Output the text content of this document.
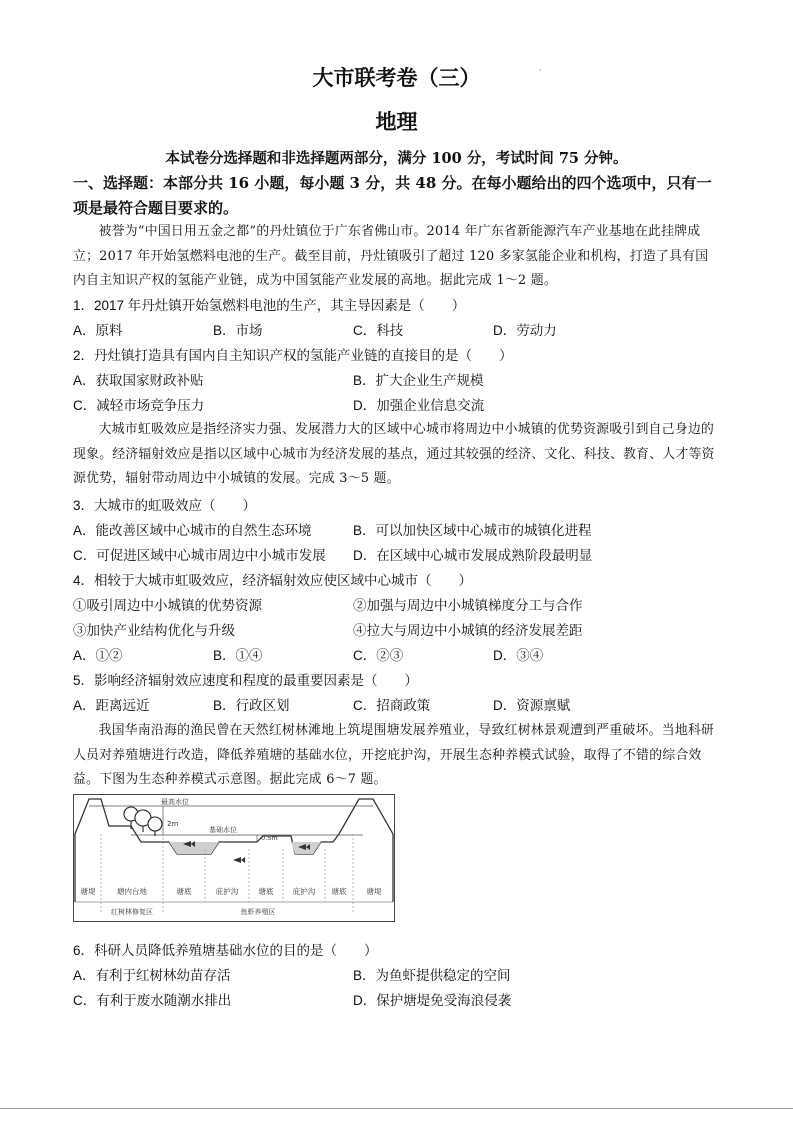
·
大市联考卷（三）
地理
本试卷分选择题和非选择题两部分，满分 100 分，考试时间 75 分钟。
一、选择题：本部分共 16 小题，每小题 3 分，共 48 分。在每小题给出的四个选项中，只有一项是最符合题目要求的。
被誉为“中国日用五金之都”的丹灶镇位于广东省佛山市。2014 年广东省新能源汽车产业基地在此挂牌成立；2017 年开始氢燃料电池的生产。截至目前，丹灶镇吸引了超过 120 多家氢能企业和机构，打造了具有国内自主知识产权的氢能产业链，成为中国氢能产业发展的高地。据此完成 1～2 题。
1．2017 年丹灶镇开始氢燃料电池的生产，其主导因素是（　　）
A．原料	B．市场	C．科技	D．劳动力
2．丹灶镇打造具有国内自主知识产权的氢能产业链的直接目的是（　　）
A．获取国家财政补贴	B．扩大企业生产规模
C．减轻市场竞争压力	D．加强企业信息交流
大城市虹吸效应是指经济实力强、发展潜力大的区域中心城市将周边中小城镇的优势资源吸引到自己身边的现象。经济辐射效应是指以区域中心城市为经济发展的基点，通过其较强的经济、文化、科技、教育、人才等资源优势，辐射带动周边中小城镇的发展。完成 3～5 题。
3．大城市的虹吸效应（　　）
A．能改善区域中心城市的自然生态环境	B．可以加快区域中心城市的城镇化进程
C．可促进区域中心城市周边中小城市发展 D．在区域中心城市发展成熟阶段最明显
4．相较于大城市虹吸效应，经济辐射效应使区域中心城市（　　）
①吸引周边中小城镇的优势资源	②加强与周边中小城镇梯度分工与合作
③加快产业结构优化与升级	④拉大与周边中小城镇的经济发展差距
A．①②	B．①④	C．②③	D．③④
5．影响经济辐射效应速度和程度的最重要因素是（　　）
A．距离远近	B．行政区划	C．招商政策	D．资源禀赋
我国华南沿海的渔民曾在天然红树林滩地上筑堤围塘发展养殖业，导致红树林景观遭到严重破坏。当地科研人员对养殖塘进行改造，降低养殖塘的基础水位，开挖庇护沟，开展生态种养模式试验，取得了不错的综合效益。下图为生态种养模式示意图。据此完成 6～7 题。
最高水位
基础水位
2m
0.5m
塘堤	塘内台地	塘底	庇护沟	塘底	庇护沟 塘底	塘堤
红树林修复区	鱼虾养殖区
6．科研人员降低养殖塘基础水位的目的是（　　）
A．有利于红树林幼苗存活	B．为鱼虾提供稳定的空间
C．有利于废水随潮水排出	D．保护塘堤免受海浪侵袭
